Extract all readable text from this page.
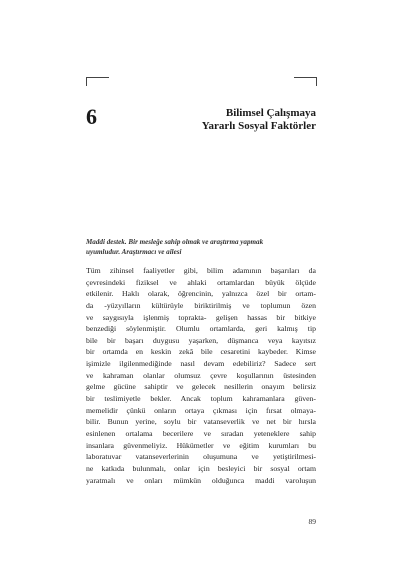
6	Bilimsel Çalışmaya
Yararlı Sosyal Faktörler
Maddi destek. Bir mesleğe sahip olmak ve araştırma yapmak
uyumludur. Araştırmacı ve ailesi
Tüm zihinsel faaliyetler gibi, bilim adamının başarıları da
çevresindeki fiziksel ve ahlaki ortamlardan büyük ölçüde
etkilenir. Haklı olarak, öğrencinin, yalnızca özel bir ortam-
da -yüzyılların kültürüyle biriktirilmiş ve toplumun özen
ve saygısıyla işlenmiş toprakta- gelişen hassas bir bitkiye
benzediği söylenmiştir. Olumlu ortamlarda, geri kalmış tip
bile bir başarı duygusu yaşarken, düşmanca veya kayıtsız
bir ortamda en keskin zekâ bile cesaretini kaybeder. Kimse
işimizle ilgilenmediğinde nasıl devam edebiliriz? Sadece sert
ve kahraman olanlar olumsuz çevre koşullarının üstesinden
gelme gücüne sahiptir ve gelecek nesillerin onayım belirsiz
bir teslimiyetle bekler. Ancak toplum kahramanlara güven-
memelidir çünkü onların ortaya çıkması için fırsat olmaya-
bilir. Bunun yerine, soylu bir vatanseverlik ve net bir hırsla
esinlenen ortalama becerilere ve sıradan yeteneklere sahip
insanlara güvenmeliyiz. Hükümetler ve eğitim kurumları bu
laboratuvar vatanseverlerinin oluşumuna ve yetiştirilmesi-
ne katkıda bulunmalı, onlar için besleyici bir sosyal ortam
yaratmalı ve onları mümkün olduğunca maddi varoluşun
89
